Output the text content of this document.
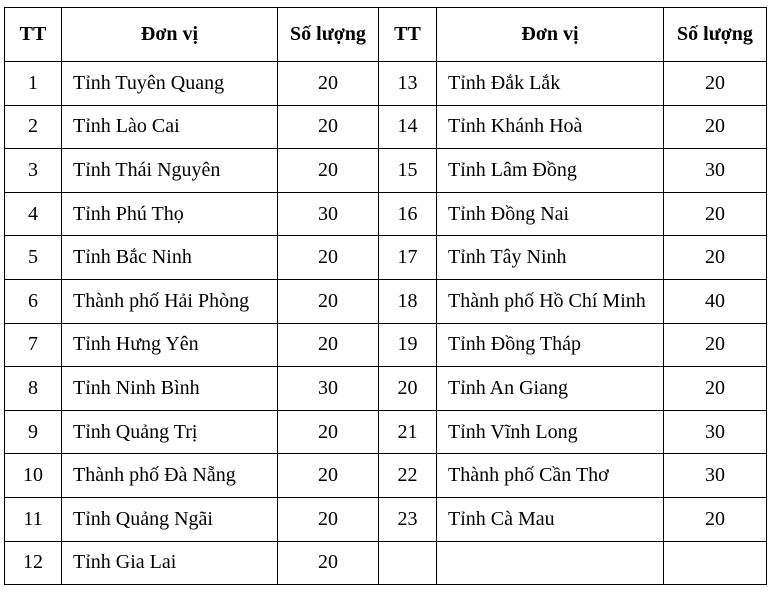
TT	Đơn vị	Số lượng	TT	Đơn vị	Số lượng
1	Tỉnh Tuyên Quang	20	13	Tỉnh Đắk Lắk	20
2	Tỉnh Lào Cai	20	14	Tỉnh Khánh Hoà	20
3	Tỉnh Thái Nguyên	20	15	Tỉnh Lâm Đồng	30
4	Tỉnh Phú Thọ	30	16	Tỉnh Đồng Nai	20
5	Tỉnh Bắc Ninh	20	17	Tỉnh Tây Ninh	20
6	Thành phố Hải Phòng	20	18	Thành phố Hồ Chí Minh	40
7	Tỉnh Hưng Yên	20	19	Tỉnh Đồng Tháp	20
8	Tỉnh Ninh Bình	30	20	Tỉnh An Giang	20
9	Tỉnh Quảng Trị	20	21	Tỉnh Vĩnh Long	30
10	Thành phố Đà Nẵng	20	22	Thành phố Cần Thơ	30
11	Tỉnh Quảng Ngãi	20	23	Tỉnh Cà Mau	20
12	Tỉnh Gia Lai	20			
